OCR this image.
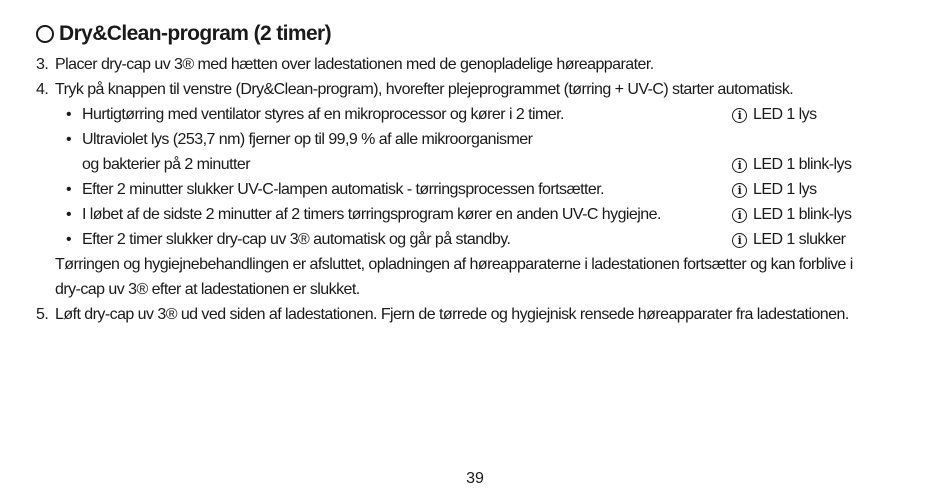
Dry&Clean-program (2 timer)
3. Placer dry-cap uv 3® med hætten over ladestationen med de genopladelige høreapparater.
4. Tryk på knappen til venstre (Dry&Clean-program), hvorefter plejeprogrammet (tørring + UV-C) starter automatisk.
• Hurtigtørring med ventilator styres af en mikroprocessor og kører i 2 timer.	i LED 1 lys
• Ultraviolet lys (253,7 nm) fjerner op til 99,9 % af alle mikroorganismer
og bakterier på 2 minutter	i LED 1 blink-lys
• Efter 2 minutter slukker UV-C-lampen automatisk - tørringsprocessen fortsætter.	i LED 1 lys
• I løbet af de sidste 2 minutter af 2 timers tørringsprogram kører en anden UV-C hygiejne.	i LED 1 blink-lys
• Efter 2 timer slukker dry-cap uv 3® automatisk og går på standby.	i LED 1 slukker
Tørringen og hygiejnebehandlingen er afsluttet, opladningen af høreapparaterne i ladestationen fortsætter og kan forblive i
dry-cap uv 3® efter at ladestationen er slukket.
5. Løft dry-cap uv 3® ud ved siden af ladestationen. Fjern de tørrede og hygiejnisk rensede høreapparater fra ladestationen.
39
